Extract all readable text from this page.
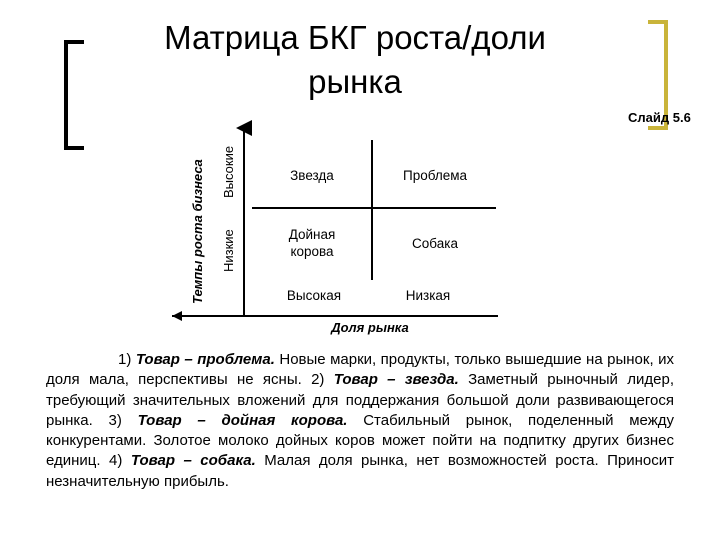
Матрица БКГ роста/доли
рынка
Слайд 5.6
Темпы роста бизнеса Высокие
Низкие
Звезда	Проблема
Дойная
корова
Собака
Высокая	Низкая
Доля рынка

1) Товар – проблема. Новые марки, продукты, только вышедшие на рынок, их доля мала, перспективы не ясны. 2) Товар – звезда. Заметный рыночный лидер, требующий значительных вложений для поддержания большой доли развивающегося рынка. 3) Товар – дойная корова. Стабильный рынок, поделенный между конкурентами. Золотое молоко дойных коров может пойти на подпитку других бизнес единиц. 4) Товар – собака. Малая доля рынка, нет возможностей роста. Приносит незначительную прибыль.
